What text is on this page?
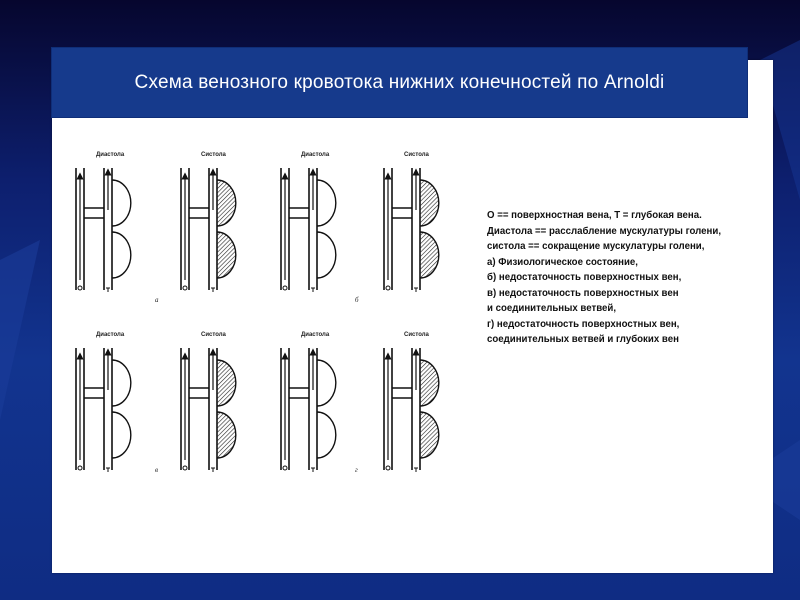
Схема венозного кровотока нижних конечностей по Arnoldi
Диастола	Систола	Диастола	Систола
Диастола	Систола	Диастола	Систола
а	б
в	г
О == поверхностная вена, Т = глубокая вена.
Диастола == расслабление мускулатуры голени,
систола == сокращение мускулатуры голени,
а) Физиологическое состояние,
б) недостаточность поверхностных вен,
в) недостаточность поверхностных вен
и соединительных ветвей,
г) недостаточность поверхностных вен,
соединительных ветвей и глубоких вен
